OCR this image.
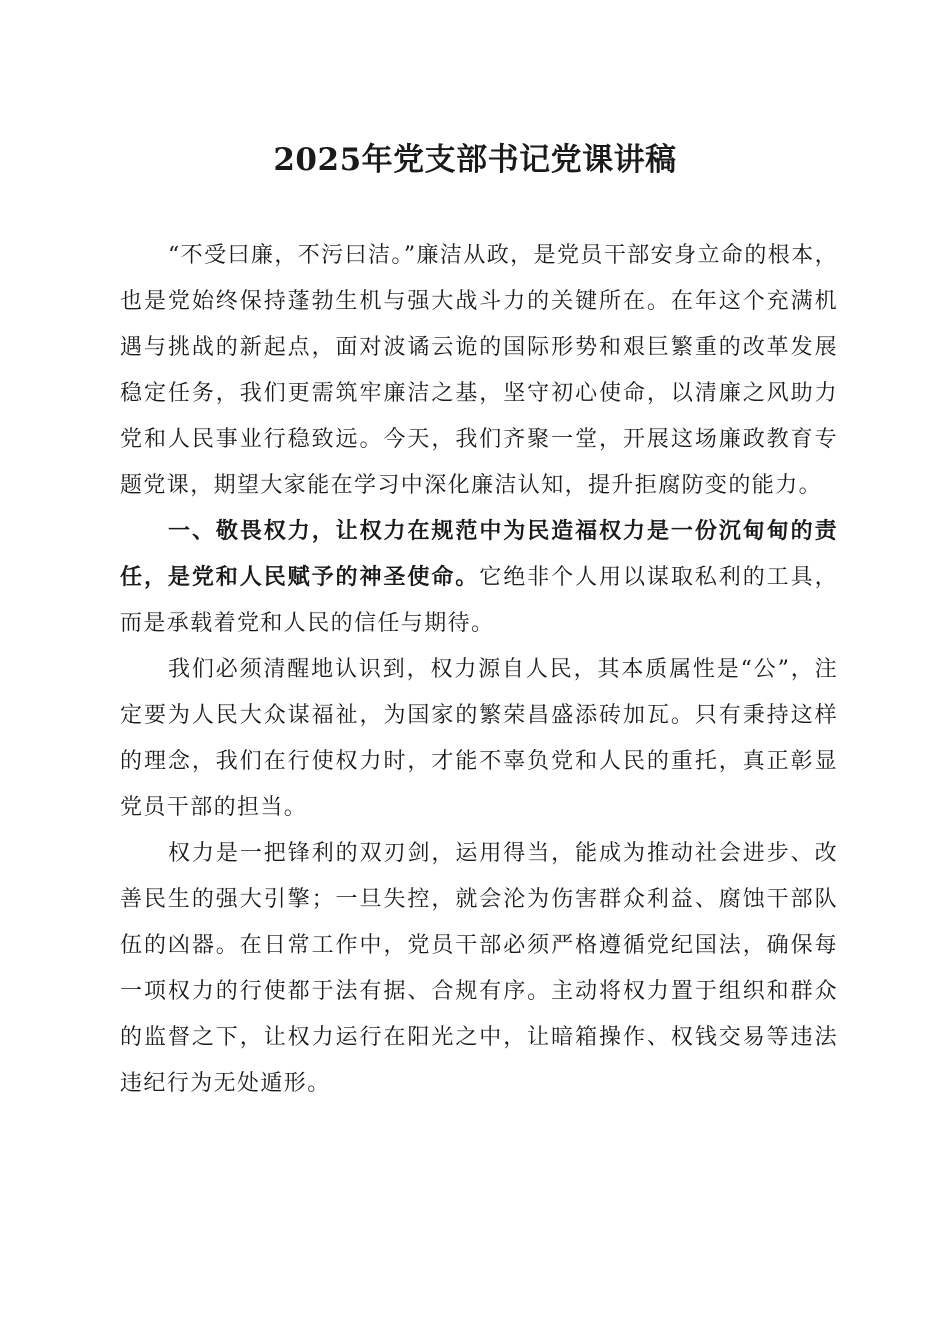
2025年党支部书记党课讲稿

“不受曰廉，不污曰洁。”廉洁从政，是党员干部安身立命的根本，也是党始终保持蓬勃生机与强大战斗力的关键所在。在年这个充满机遇与挑战的新起点，面对波谲云诡的国际形势和艰巨繁重的改革发展稳定任务，我们更需筑牢廉洁之基，坚守初心使命，以清廉之风助力党和人民事业行稳致远。今天，我们齐聚一堂，开展这场廉政教育专题党课，期望大家能在学习中深化廉洁认知，提升拒腐防变的能力。

一、敬畏权力，让权力在规范中为民造福权力是一份沉甸甸的责任，是党和人民赋予的神圣使命。它绝非个人用以谋取私利的工具，而是承载着党和人民的信任与期待。

我们必须清醒地认识到，权力源自人民，其本质属性是“公”，注定要为人民大众谋福祉，为国家的繁荣昌盛添砖加瓦。只有秉持这样的理念，我们在行使权力时，才能不辜负党和人民的重托，真正彰显党员干部的担当。

权力是一把锋利的双刃剑，运用得当，能成为推动社会进步、改善民生的强大引擎；一旦失控，就会沦为伤害群众利益、腐蚀干部队伍的凶器。在日常工作中，党员干部必须严格遵循党纪国法，确保每一项权力的行使都于法有据、合规有序。主动将权力置于组织和群众的监督之下，让权力运行在阳光之中，让暗箱操作、权钱交易等违法违纪行为无处遁形。
